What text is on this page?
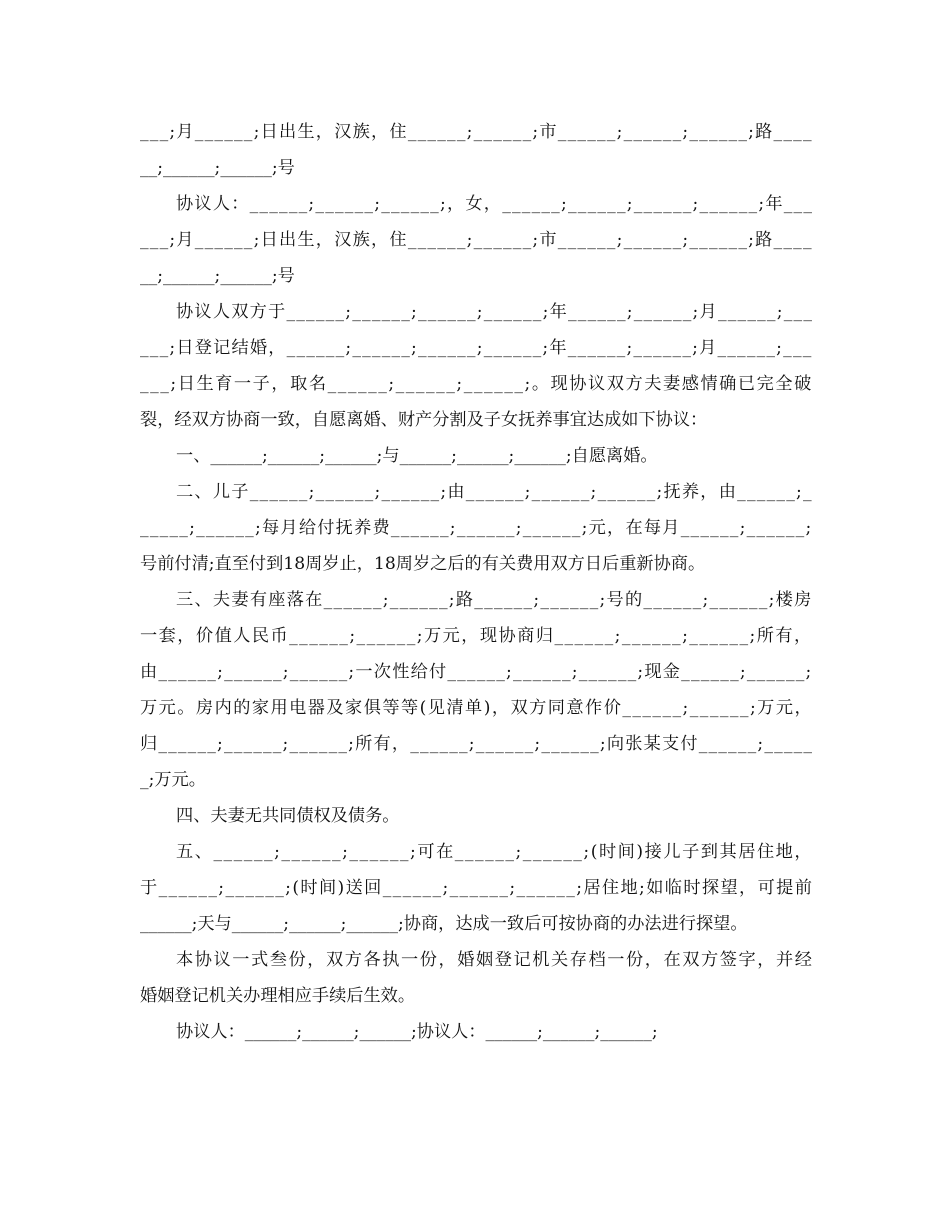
_ _ _ ; 月 _ _ _ _ _ _ ; 日 出 生 ， 汉 族 ， 住 _ _ _ _ _ _ ; _ _ _ _ _ _ ; 市 _ _ _ _ _ _ ; _ _ _ _ _ _ ; _ _ _ _ _ _ ; 路 _ _ _ _
__;______;______;号
协 议 人 ： _ _ _ _ _ _ ; _ _ _ _ _ _ ; _ _ _ _ _ _ ; ， 女 ， _ _ _ _ _ _ ; _ _ _ _ _ _ ; _ _ _ _ _ _ ; _ _ _ _ _ _ ; 年 _ _ _
_ _ _ ; 月 _ _ _ _ _ _ ; 日 出 生 ， 汉 族 ， 住 _ _ _ _ _ _ ; _ _ _ _ _ _ ; 市 _ _ _ _ _ _ ; _ _ _ _ _ _ ; _ _ _ _ _ _ ; 路 _ _ _ _
__;______;______;号
协 议 人 双 方 于 _ _ _ _ _ _ ; _ _ _ _ _ _ ; _ _ _ _ _ _ ; _ _ _ _ _ _ ; 年 _ _ _ _ _ _ ; _ _ _ _ _ _ ; 月 _ _ _ _ _ _ ; _ _ _
_ _ _ ; 日 登 记 结 婚 ， _ _ _ _ _ _ ; _ _ _ _ _ _ ; _ _ _ _ _ _ ; _ _ _ _ _ _ ; 年 _ _ _ _ _ _ ; _ _ _ _ _ _ ; 月 _ _ _ _ _ _ ; _ _ _
_ _ _ ; 日 生 育 一 子 ， 取 名 _ _ _ _ _ _ ; _ _ _ _ _ _ ; _ _ _ _ _ _ ; 。 现 协 议 双 方 夫 妻 感 情 确 已 完 全 破
裂，经双方协商一致，自愿离婚、财产分割及子女抚养事宜达成如下协议：
一、______;______;______;与______;______;______;自愿离婚。
二 、 儿 子 _ _ _ _ _ _ ; _ _ _ _ _ _ ; _ _ _ _ _ _ ; 由 _ _ _ _ _ _ ; _ _ _ _ _ _ ; _ _ _ _ _ _ ; 抚 养 ， 由 _ _ _ _ _ _ ; _
_ _ _ _ _ ; _ _ _ _ _ _ ; 每 月 给 付 抚 养 费 _ _ _ _ _ _ ; _ _ _ _ _ _ ; _ _ _ _ _ _ ; 元 ， 在 每 月 _ _ _ _ _ _ ; _ _ _ _ _ _ ;
号前付清;直至付到18周岁止，18周岁之后的有关费用双方日后重新协商。
三 、 夫 妻 有 座 落 在 _ _ _ _ _ _ ; _ _ _ _ _ _ ; 路 _ _ _ _ _ _ ; _ _ _ _ _ _ ; 号 的 _ _ _ _ _ _ ; _ _ _ _ _ _ ; 楼 房
一 套 ， 价 值 人 民 币 _ _ _ _ _ _ ; _ _ _ _ _ _ ; 万 元 ， 现 协 商 归 _ _ _ _ _ _ ; _ _ _ _ _ _ ; _ _ _ _ _ _ ; 所 有 ，
由 _ _ _ _ _ _ ; _ _ _ _ _ _ ; _ _ _ _ _ _ ; 一 次 性 给 付 _ _ _ _ _ _ ; _ _ _ _ _ _ ; _ _ _ _ _ _ ; 现 金 _ _ _ _ _ _ ; _ _ _ _ _ _ ;
万 元 。 房 内 的 家 用 电 器 及 家 俱 等 等 ( 见 清 单 ) ， 双 方 同 意 作 价 _ _ _ _ _ _ ; _ _ _ _ _ _ ; 万 元 ，
归 _ _ _ _ _ _ ; _ _ _ _ _ _ ; _ _ _ _ _ _ ; 所 有 ， _ _ _ _ _ _ ; _ _ _ _ _ _ ; _ _ _ _ _ _ ; 向 张 某 支 付 _ _ _ _ _ _ ; _ _ _ _ _
_;万元。
四、夫妻无共同债权及债务。
五 、 _ _ _ _ _ _ ; _ _ _ _ _ _ ; _ _ _ _ _ _ ; 可 在 _ _ _ _ _ _ ; _ _ _ _ _ _ ; ( 时 间 ) 接 儿 子 到 其 居 住 地 ，
于 _ _ _ _ _ _ ; _ _ _ _ _ _ ; ( 时 间 ) 送 回 _ _ _ _ _ _ ; _ _ _ _ _ _ ; _ _ _ _ _ _ ; 居 住 地 ; 如 临 时 探 望 ， 可 提 前
______;天与______;______;______;协商，达成一致后可按协商的办法进行探望。
本 协 议 一 式 叁 份 ， 双 方 各 执 一 份 ， 婚 姻 登 记 机 关 存 档 一 份 ， 在 双 方 签 字 ， 并 经
婚姻登记机关办理相应手续后生效。
协议人：______;______;______;协议人：______;______;______;
